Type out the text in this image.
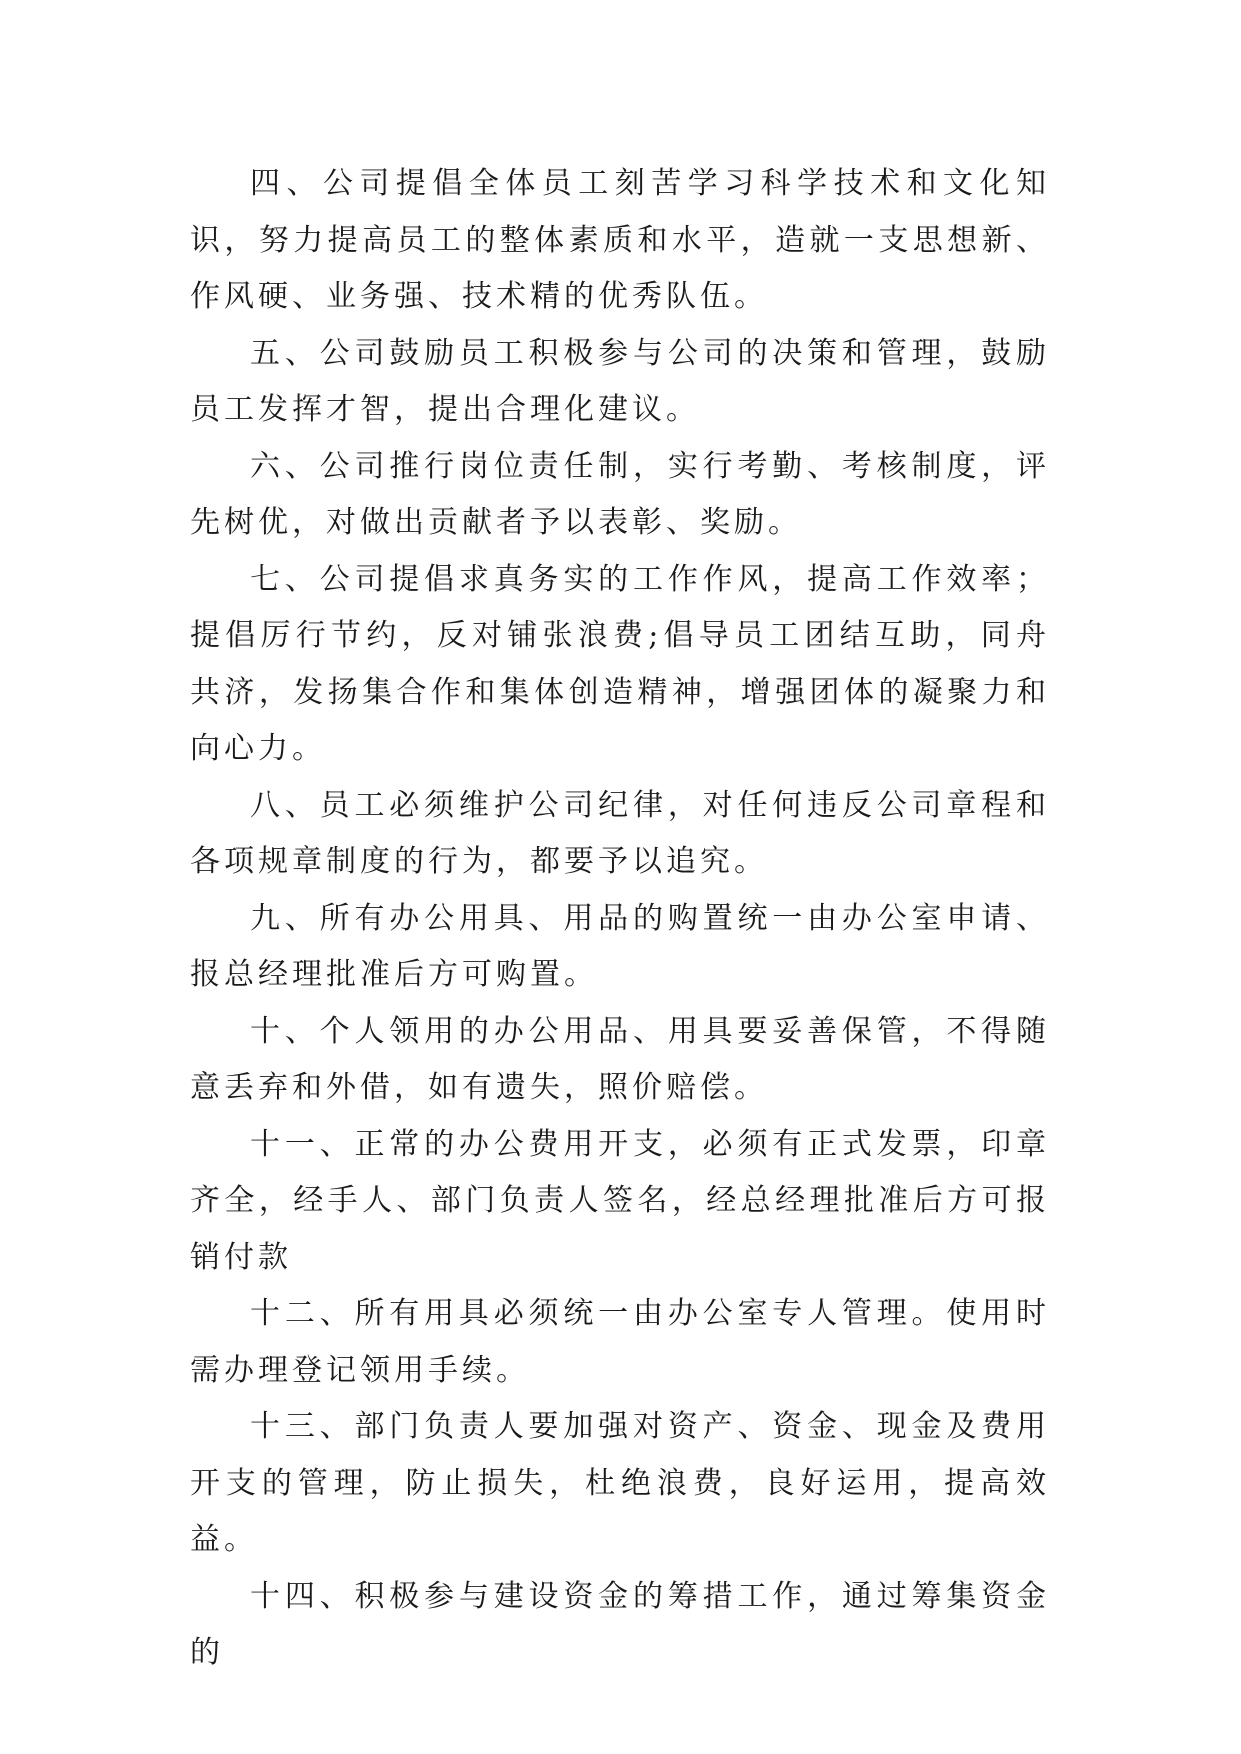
四、公司提倡全体员工刻苦学习科学技术和文化知识，努力提高员工的整体素质和水平，造就一支思想新、作风硬、业务强、技术精的优秀队伍。

五、公司鼓励员工积极参与公司的决策和管理，鼓励员工发挥才智，提出合理化建议。

六、公司推行岗位责任制，实行考勤、考核制度，评先树优，对做出贡献者予以表彰、奖励。

七、公司提倡求真务实的工作作风，提高工作效率；提倡厉行节约，反对铺张浪费;倡导员工团结互助，同舟共济，发扬集合作和集体创造精神，增强团体的凝聚力和向心力。

八、员工必须维护公司纪律，对任何违反公司章程和各项规章制度的行为，都要予以追究。

九、所有办公用具、用品的购置统一由办公室申请、报总经理批准后方可购置。

十、个人领用的办公用品、用具要妥善保管，不得随意丢弃和外借，如有遗失，照价赔偿。

十一、正常的办公费用开支，必须有正式发票，印章齐全，经手人、部门负责人签名，经总经理批准后方可报销付款

十二、所有用具必须统一由办公室专人管理。使用时需办理登记领用手续。

十三、部门负责人要加强对资产、资金、现金及费用开支的管理，防止损失，杜绝浪费，良好运用，提高效益。

十四、积极参与建设资金的筹措工作，通过筹集资金的
